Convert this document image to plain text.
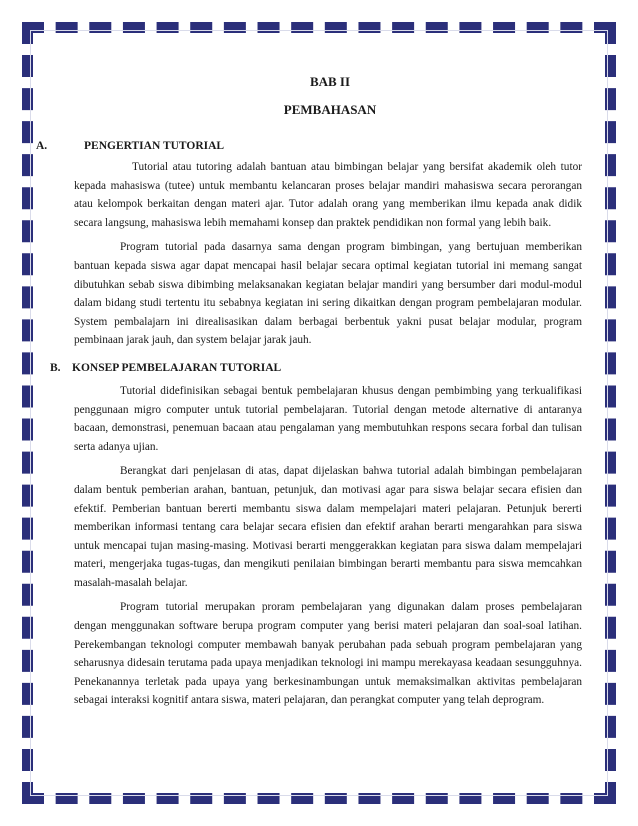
BAB II
PEMBAHASAN
A.	PENGERTIAN TUTORIAL

Tutorial atau tutoring adalah bantuan atau bimbingan belajar yang bersifat akademik oleh tutor kepada mahasiswa (tutee) untuk membantu kelancaran proses belajar mandiri mahasiswa secara perorangan atau kelompok berkaitan dengan materi ajar. Tutor adalah orang yang memberikan ilmu kepada anak didik secara langsung, mahasiswa lebih memahami konsep dan praktek pendidikan non formal yang lebih baik.

Program tutorial pada dasarnya sama dengan program bimbingan, yang bertujuan memberikan bantuan kepada siswa agar dapat mencapai hasil belajar secara optimal kegiatan tutorial ini memang sangat dibutuhkan sebab siswa dibimbing melaksanakan kegiatan belajar mandiri yang bersumber dari modul-modul dalam bidang studi tertentu itu sebabnya kegiatan ini sering dikaitkan dengan program pembelajaran modular. System pembalajarn ini direalisasikan dalam berbagai berbentuk yakni pusat belajar modular, program pembinaan jarak jauh, dan system belajar jarak jauh.

B. KONSEP PEMBELAJARAN TUTORIAL

Tutorial didefinisikan sebagai bentuk pembelajaran khusus dengan pembimbing yang terkualifikasi penggunaan migro computer untuk tutorial pembelajaran. Tutorial dengan metode alternative di antaranya bacaan, demonstrasi, penemuan bacaan atau pengalaman yang membutuhkan respons secara forbal dan tulisan serta adanya ujian.

Berangkat dari penjelasan di atas, dapat dijelaskan bahwa tutorial adalah bimbingan pembelajaran dalam bentuk pemberian arahan, bantuan, petunjuk, dan motivasi agar para siswa belajar secara efisien dan efektif. Pemberian bantuan bererti membantu siswa dalam mempelajari materi pelajaran. Petunjuk bererti memberikan informasi tentang cara belajar secara efisien dan efektif arahan berarti mengarahkan para siswa untuk mencapai tujan masing-masing. Motivasi berarti menggerakkan kegiatan para siswa dalam mempelajari materi, mengerjaka tugas-tugas, dan mengikuti penilaian bimbingan berarti membantu para siswa memcahkan masalah-masalah belajar.

Program tutorial merupakan proram pembelajaran yang digunakan dalam proses pembelajaran dengan menggunakan software berupa program computer yang berisi materi pelajaran dan soal-soal latihan. Perekembangan teknologi computer membawah banyak perubahan pada sebuah program pembelajaran yang seharusnya didesain terutama pada upaya menjadikan teknologi ini mampu merekayasa keadaan sesungguhnya. Penekanannya terletak pada upaya yang berkesinambungan untuk memaksimalkan aktivitas pembelajaran sebagai interaksi kognitif antara siswa, materi pelajaran, dan perangkat computer yang telah deprogram.
